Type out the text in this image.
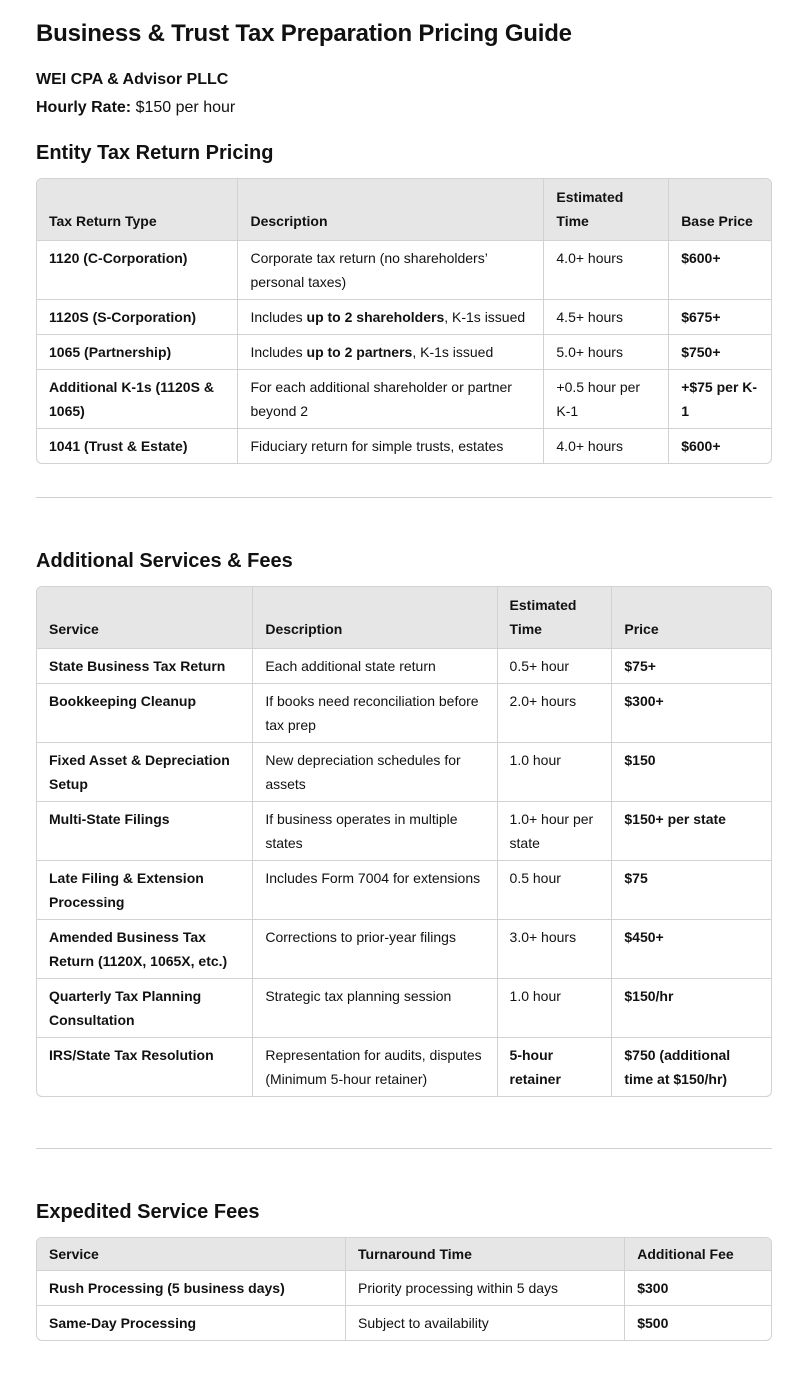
Business & Trust Tax Preparation Pricing Guide
WEI CPA & Advisor PLLC
Hourly Rate: $150 per hour
Entity Tax Return Pricing
Tax Return Type	Description	Estimated Time	Base Price
1120 (C-Corporation)	Corporate tax return (no shareholders’ personal taxes)	4.0+ hours	$600+
1120S (S-Corporation)	Includes up to 2 shareholders, K-1s issued	4.5+ hours	$675+
1065 (Partnership)	Includes up to 2 partners, K-1s issued	5.0+ hours	$750+
Additional K-1s (1120S & 1065)	For each additional shareholder or partner beyond 2	+0.5 hour per K-1	+$75 per K-1
1041 (Trust & Estate)	Fiduciary return for simple trusts, estates	4.0+ hours	$600+
Additional Services & Fees
Service	Description	Estimated Time	Price
State Business Tax Return	Each additional state return	0.5+ hour	$75+
Bookkeeping Cleanup	If books need reconciliation before tax prep	2.0+ hours	$300+
Fixed Asset & Depreciation Setup	New depreciation schedules for assets	1.0 hour	$150
Multi-State Filings	If business operates in multiple states	1.0+ hour per state	$150+ per state
Late Filing & Extension Processing	Includes Form 7004 for extensions	0.5 hour	$75
Amended Business Tax Return (1120X, 1065X, etc.)	Corrections to prior-year filings	3.0+ hours	$450+
Quarterly Tax Planning Consultation	Strategic tax planning session	1.0 hour	$150/hr
IRS/State Tax Resolution	Representation for audits, disputes (Minimum 5-hour retainer)	5-hour retainer	$750 (additional time at $150/hr)
Expedited Service Fees
Service	Turnaround Time	Additional Fee
Rush Processing (5 business days)	Priority processing within 5 days	$300
Same-Day Processing	Subject to availability	$500
